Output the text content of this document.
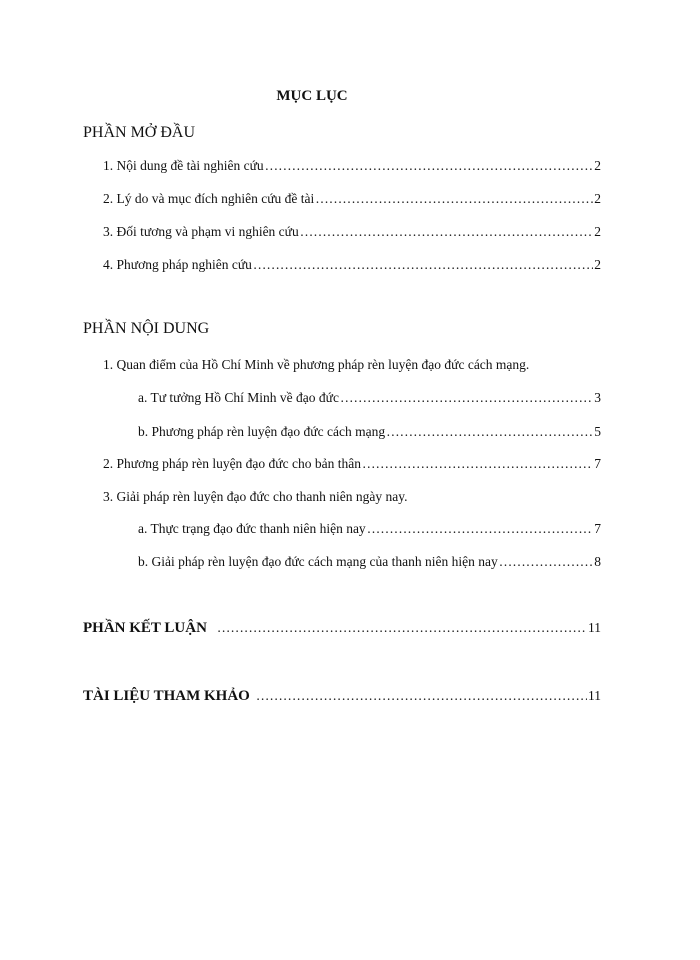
MỤC LỤC
PHẦN MỞ ĐẦU
1. Nội dung đề tài nghiên cứu ……………………………………………………………………………………………………………………………	2
2. Lý do và mục đích nghiên cứu đề tài ……………………………………………………………………………………………………………………………	2
3. Đối tương và phạm vi nghiên cứu ……………………………………………………………………………………………………………………………	2
4. Phương pháp nghiên cứu ……………………………………………………………………………………………………………………………	2
PHẦN NỘI DUNG
1. Quan điểm của Hồ Chí Minh về phương pháp rèn luyện đạo đức cách mạng.
a. Tư tưởng Hồ Chí Minh về đạo đức ……………………………………………………………………………………………………………………………	3
b. Phương pháp rèn luyện đạo đức cách mạng ……………………………………………………………………………………………………………………………	5
2. Phương pháp rèn luyện đạo đức cho bản thân ……………………………………………………………………………………………………………………………	7
3. Giải pháp rèn luyện đạo đức cho thanh niên ngày nay.
a. Thực trạng đạo đức thanh niên hiện nay ……………………………………………………………………………………………………………………………	7
b. Giải pháp rèn luyện đạo đức cách mạng của thanh niên hiện nay ……………………………………………………………………………………………………………………………	8
PHẦN KẾT LUẬN ……………………………………………………………………………………………………………………………	11
TÀI LIỆU THAM KHẢO ……………………………………………………………………………………………………………………………	11
